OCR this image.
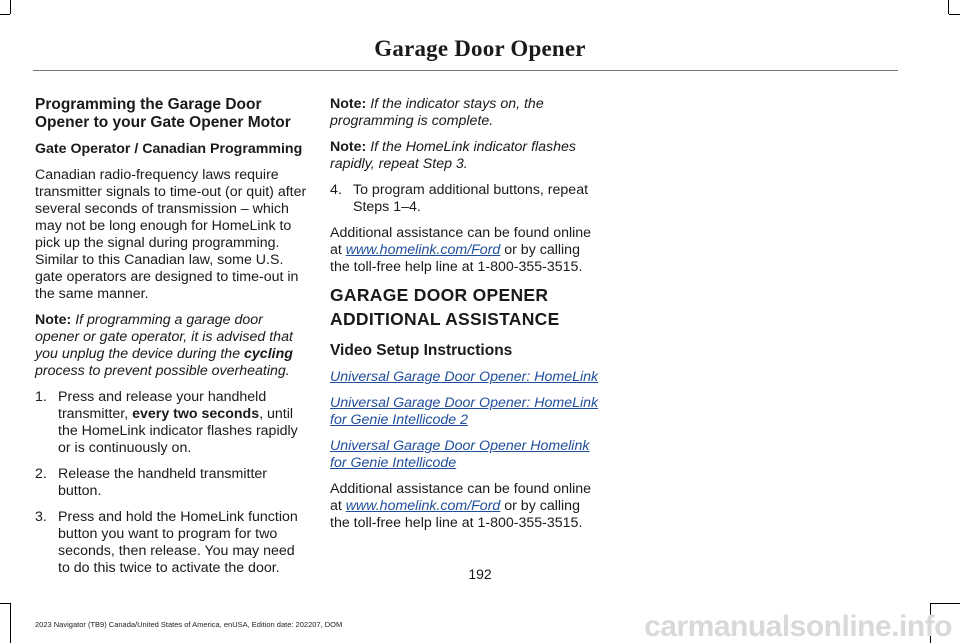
Garage Door Opener
Programming the Garage Door Opener to your Gate Opener Motor
Gate Operator / Canadian Programming

Canadian radio-frequency laws require transmitter signals to time-out (or quit) after several seconds of transmission – which may not be long enough for HomeLink to pick up the signal during programming. Similar to this Canadian law, some U.S. gate operators are designed to time-out in the same manner.

Note: If programming a garage door opener or gate operator, it is advised that you unplug the device during the cycling process to prevent possible overheating.

1. Press and release your handheld transmitter, every two seconds, until the HomeLink indicator flashes rapidly or is continuously on.
2. Release the handheld transmitter button.
3. Press and hold the HomeLink function button you want to program for two seconds, then release. You may need to do this twice to activate the door.

Note: If the indicator stays on, the programming is complete.

Note: If the HomeLink indicator flashes rapidly, repeat Step 3.

4. To program additional buttons, repeat Steps 1–4.

Additional assistance can be found online at www.homelink.com/Ford or by calling the toll-free help line at 1-800-355-3515.

GARAGE DOOR OPENER
ADDITIONAL ASSISTANCE
Video Setup Instructions

Universal Garage Door Opener: HomeLink

Universal Garage Door Opener: HomeLink for Genie Intellicode 2

Universal Garage Door Opener Homelink for Genie Intellicode

Additional assistance can be found online at www.homelink.com/Ford or by calling the toll-free help line at 1-800-355-3515.

192
2023 Navigator (TB9) Canada/United States of America, enUSA, Edition date: 202207, DOM	carmanualsonline.info
